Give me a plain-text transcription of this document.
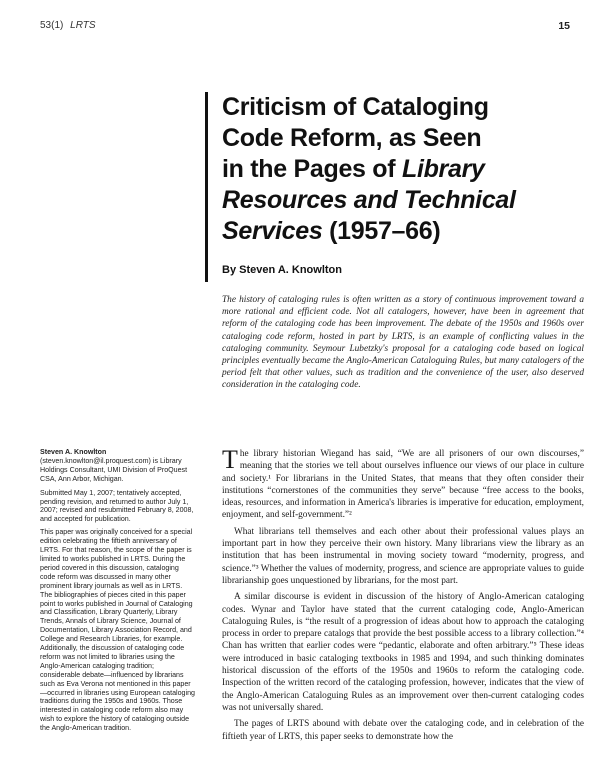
53(1) LRTS	15
Criticism of Cataloging
Code Reform, as Seen
in the Pages of Library
Resources and Technical
Services (1957–66)
By Steven A. Knowlton

The history of cataloging rules is often written as a story of continuous improvement toward a more rational and efficient code. Not all catalogers, however, have been in agreement that reform of the cataloging code has been improvement. The debate of the 1950s and 1960s over cataloging code reform, hosted in part by LRTS, is an example of conflicting values in the cataloging community. Seymour Lubetzky's proposal for a cataloging code based on logical principles eventually became the Anglo-American Cataloguing Rules, but many catalogers of the period felt that other values, such as tradition and the convenience of the user, also deserved consideration in the cataloging code.

Steven A. Knowlton (steven.knowlton@il.proquest.com) is Library Holdings Consultant, UMI Division of ProQuest CSA, Ann Arbor, Michigan.

Submitted May 1, 2007; tentatively accepted, pending revision, and returned to author July 1, 2007; revised and resubmitted February 8, 2008, and accepted for publication.

This paper was originally conceived for a special edition celebrating the fiftieth anniversary of LRTS. For that reason, the scope of the paper is limited to works published in LRTS. During the period covered in this discussion, cataloging code reform was discussed in many other prominent library journals as well as in LRTS. The bibliographies of pieces cited in this paper point to works published in Journal of Cataloging and Classification, Library Quarterly, Library Trends, Annals of Library Science, Journal of Documentation, Library Association Record, and College and Research Libraries, for example. Additionally, the discussion of cataloging code reform was not limited to libraries using the Anglo-American cataloging tradition; considerable debate—influenced by librarians such as Eva Verona not mentioned in this paper—occurred in libraries using European cataloging traditions during the 1950s and 1960s. Those interested in cataloging code reform also may wish to explore the history of cataloging outside the Anglo-American tradition.

The library historian Wiegand has said, “We are all prisoners of our own discourses,” meaning that the stories we tell about ourselves influence our views of our place in culture and society.¹ For librarians in the United States, that means that they often consider their institutions “cornerstones of the communities they serve” because “free access to the books, ideas, resources, and information in America's libraries is imperative for education, employment, enjoyment, and self-government.”²

What librarians tell themselves and each other about their professional values plays an important part in how they perceive their own history. Many librarians view the library as an institution that has been instrumental in moving society toward “modernity, progress, and science.”³ Whether the values of modernity, progress, and science are appropriate values to guide librarianship goes unquestioned by librarians, for the most part.

A similar discourse is evident in discussion of the history of Anglo-American cataloging codes. Wynar and Taylor have stated that the current cataloging code, Anglo-American Cataloguing Rules, is “the result of a progression of ideas about how to approach the cataloging process in order to prepare catalogs that provide the best possible access to a library collection.”⁴ Chan has written that earlier codes were “pedantic, elaborate and often arbitrary.”⁵ These ideas were introduced in basic cataloging textbooks in 1985 and 1994, and such thinking dominates historical discussion of the efforts of the 1950s and 1960s to reform the cataloging code. Inspection of the written record of the cataloging profession, however, indicates that the view of the Anglo-American Cataloguing Rules as an improvement over then-current cataloging codes was not universally shared.

The pages of LRTS abound with debate over the cataloging code, and in celebration of the fiftieth year of LRTS, this paper seeks to demonstrate how the
